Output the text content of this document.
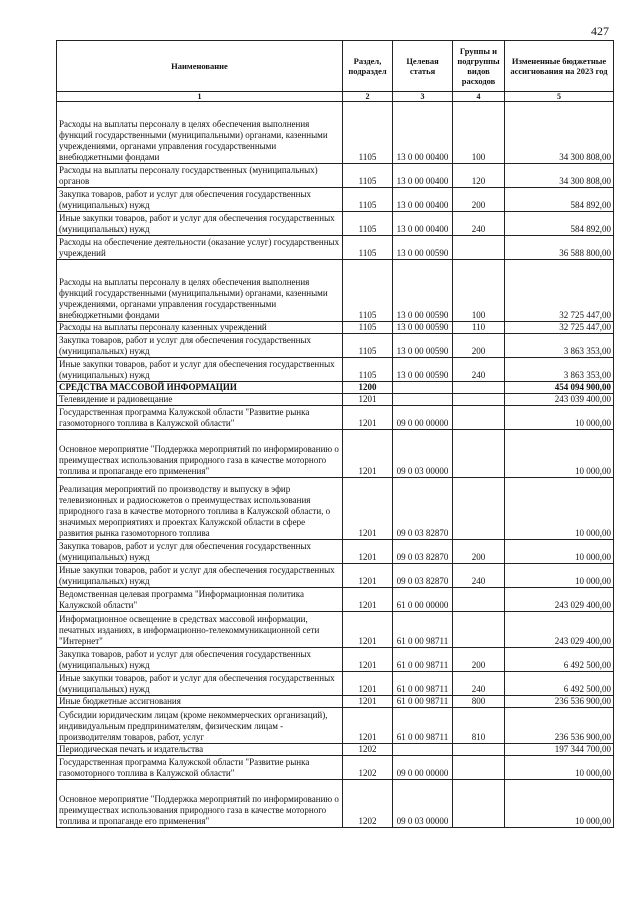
427
Наименование	Раздел, подраздел	Целевая статья	Группы и подгруппы видов расходов	Измененные бюджетные ассигнования на 2023 год
1	2	3	4	5
Расходы на выплаты персоналу в целях обеспечения выполнения функций государственными (муниципальными) органами, казенными учреждениями, органами управления государственными внебюджетными фондами	1105	13 0 00 00400	100	34 300 808,00
Расходы на выплаты персоналу государственных (муниципальных) органов	1105	13 0 00 00400	120	34 300 808,00
Закупка товаров, работ и услуг для обеспечения государственных (муниципальных) нужд	1105	13 0 00 00400	200	584 892,00
Иные закупки товаров, работ и услуг для обеспечения государственных (муниципальных) нужд	1105	13 0 00 00400	240	584 892,00
Расходы на обеспечение деятельности (оказание услуг) государственных учреждений	1105	13 0 00 00590		36 588 800,00
Расходы на выплаты персоналу в целях обеспечения выполнения функций государственными (муниципальными) органами, казенными учреждениями, органами управления государственными внебюджетными фондами	1105	13 0 00 00590	100	32 725 447,00
Расходы на выплаты персоналу казенных учреждений	1105	13 0 00 00590	110	32 725 447,00
Закупка товаров, работ и услуг для обеспечения государственных (муниципальных) нужд	1105	13 0 00 00590	200	3 863 353,00
Иные закупки товаров, работ и услуг для обеспечения государственных (муниципальных) нужд	1105	13 0 00 00590	240	3 863 353,00
СРЕДСТВА МАССОВОЙ ИНФОРМАЦИИ	1200			454 094 900,00
Телевидение и радиовещание	1201			243 039 400,00
Государственная программа Калужской области "Развитие рынка газомоторного топлива в Калужской области"	1201	09 0 00 00000		10 000,00
Основное мероприятие "Поддержка мероприятий по информированию о преимуществах использования природного газа в качестве моторного топлива и пропаганде его применения"	1201	09 0 03 00000		10 000,00
Реализация мероприятий по производству и выпуску в эфир телевизионных и радиосюжетов о преимуществах использования природного газа в качестве моторного топлива в Калужской области, о значимых мероприятиях и проектах Калужской области в сфере развития рынка газомоторного топлива	1201	09 0 03 82870		10 000,00
Закупка товаров, работ и услуг для обеспечения государственных (муниципальных) нужд	1201	09 0 03 82870	200	10 000,00
Иные закупки товаров, работ и услуг для обеспечения государственных (муниципальных) нужд	1201	09 0 03 82870	240	10 000,00
Ведомственная целевая программа "Информационная политика Калужской области"	1201	61 0 00 00000		243 029 400,00
Информационное освещение в средствах массовой информации, печатных изданиях, в информационно-телекоммуникационной сети "Интернет"	1201	61 0 00 98711		243 029 400,00
Закупка товаров, работ и услуг для обеспечения государственных (муниципальных) нужд	1201	61 0 00 98711	200	6 492 500,00
Иные закупки товаров, работ и услуг для обеспечения государственных (муниципальных) нужд	1201	61 0 00 98711	240	6 492 500,00
Иные бюджетные ассигнования	1201	61 0 00 98711	800	236 536 900,00
Субсидии юридическим лицам (кроме некоммерческих организаций), индивидуальным предпринимателям, физическим лицам - производителям товаров, работ, услуг	1201	61 0 00 98711	810	236 536 900,00
Периодическая печать и издательства	1202			197 344 700,00
Государственная программа Калужской области "Развитие рынка газомоторного топлива в Калужской области"	1202	09 0 00 00000		10 000,00
Основное мероприятие "Поддержка мероприятий по информированию о преимуществах использования природного газа в качестве моторного топлива и пропаганде его применения"	1202	09 0 03 00000		10 000,00
